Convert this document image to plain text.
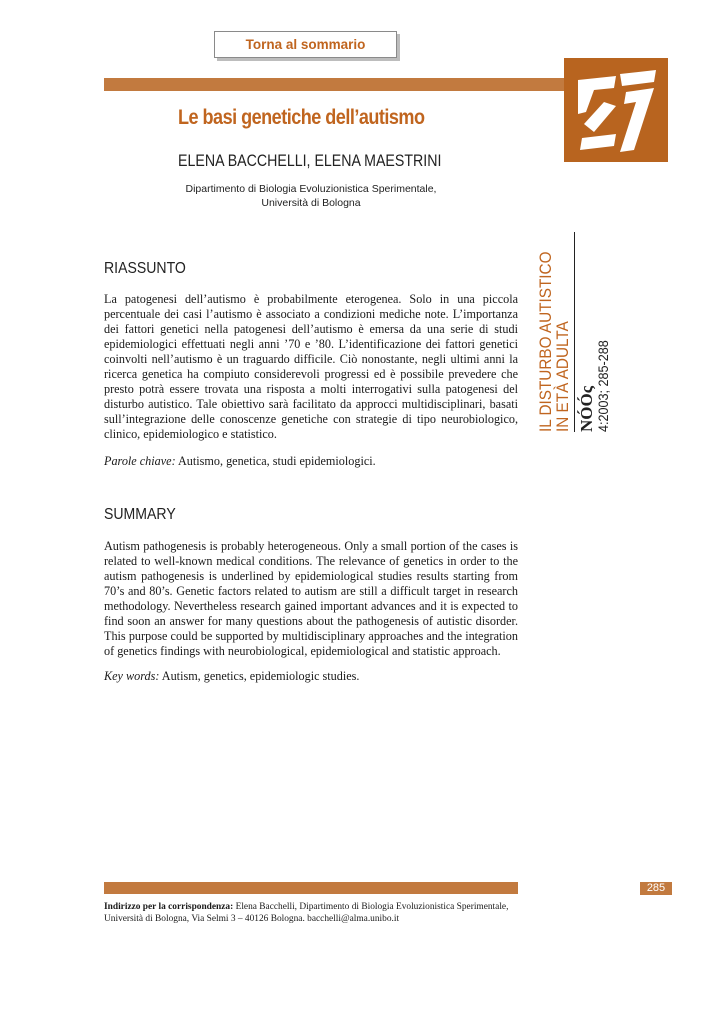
Torna al sommario
Le basi genetiche dell’autismo
ELENA BACCHELLI, ELENA MAESTRINI
Dipartimento di Biologia Evoluzionistica Sperimentale,
Università di Bologna
RIASSUNTO
La patogenesi dell’autismo è probabilmente eterogenea. Solo in una piccola percentuale dei casi l’autismo è associato a condizioni mediche note. L’importanza dei fattori genetici nella patogenesi dell’autismo è emersa da una serie di studi epidemiologici effettuati negli anni ’70 e ’80. L’identificazione dei fattori genetici coinvolti nell’autismo è un traguardo difficile. Ciò nonostante, negli ultimi anni la ricerca genetica ha compiuto considerevoli progressi ed è possibile prevedere che presto potrà essere trovata una risposta a molti interrogativi sulla patogenesi del disturbo autistico. Tale obiettivo sarà facilitato da approcci multidisciplinari, basati sull’integrazione delle conoscenze genetiche con strategie di tipo neurobiologico, clinico, epidemiologico e statistico.
Parole chiave: Autismo, genetica, studi epidemiologici.
SUMMARY
Autism pathogenesis is probably heterogeneous. Only a small portion of the cases is related to well-known medical conditions. The relevance of genetics in order to the autism pathogenesis is underlined by epidemiological studies results starting from 70’s and 80’s. Genetic factors related to autism are still a difficult target in research methodology. Nevertheless research gained important advances and it is expected to find soon an answer for many questions about the pathogenesis of autistic disorder. This purpose could be supported by multidisciplinary approaches and the integration of genetics findings with neurobiological, epidemiological and statistic approach.
Key words: Autism, genetics, epidemiologic studies.
IL DISTURBO AUTISTICO
IN ETÀ ADULTA NÓÓς 4:2003; 285-288
285
Indirizzo per la corrispondenza: Elena Bacchelli, Dipartimento di Biologia Evoluzionistica Sperimentale, Università di Bologna, Via Selmi 3 – 40126 Bologna. bacchelli@alma.unibo.it
